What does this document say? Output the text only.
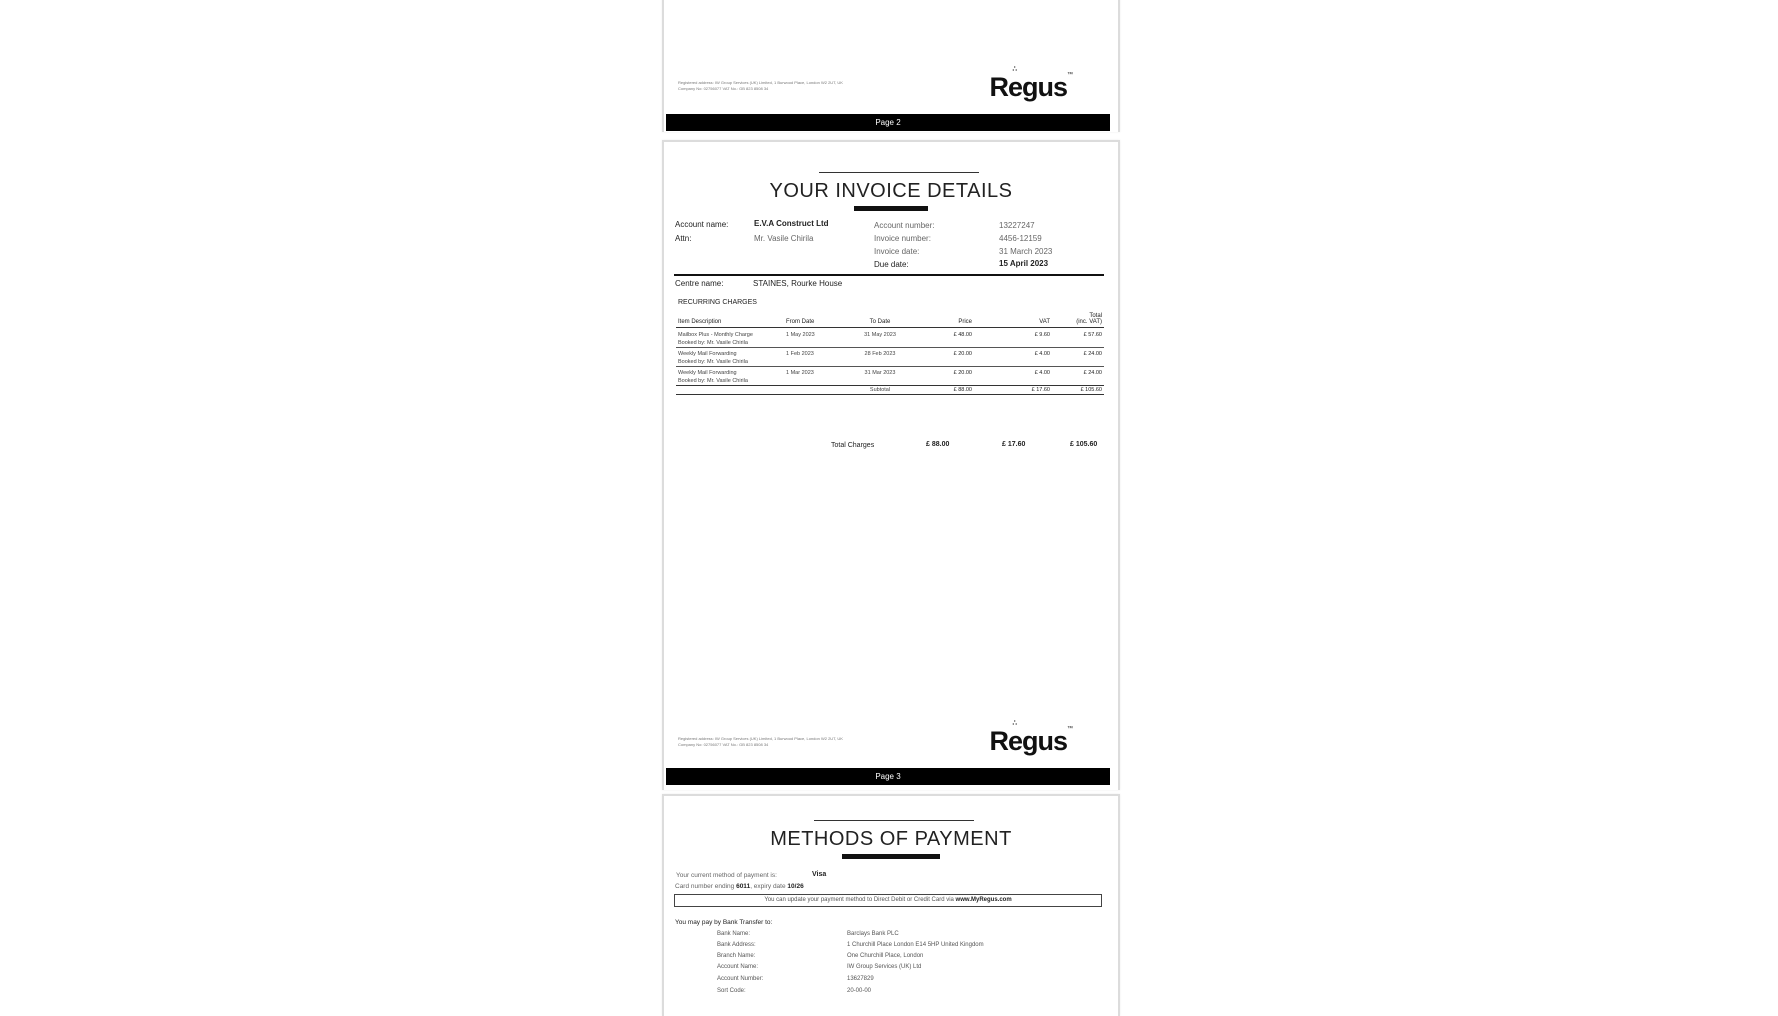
Registered address: IW Group Services (UK) Limited, 1 Burwood Place, London W2 2UT, UK
Company No: 02756077 VAT No.: GB 823 8508 34
∴
Regus™
Page 2
YOUR INVOICE DETAILS
Account name:	E.V.A Construct Ltd
Attn:	Mr. Vasile Chirila
Account number:	13227247
Invoice number:	4456-12159
Invoice date:	31 March 2023
Due date:	15 April 2023
Centre name:	STAINES, Rourke House
RECURRING CHARGES
Item Description	From Date	To Date	Price	VAT	Total
(inc. VAT)

Mailbox Plus - Monthly Charge	1 May 2023	31 May 2023	£ 48.00	£ 9.60	£ 57.60
Booked by: Mr. Vasile Chirila					
Weekly Mail Forwarding	1 Feb 2023	28 Feb 2023	£ 20.00	£ 4.00	£ 24.00
Booked by: Mr. Vasile Chirila					
Weekly Mail Forwarding	1 Mar 2023	31 Mar 2023	£ 20.00	£ 4.00	£ 24.00
Booked by: Mr. Vasile Chirila					
		Subtotal	£ 88.00	£ 17.60	£ 105.60
Total Charges	£ 88.00	£ 17.60	£ 105.60
Registered address: IW Group Services (UK) Limited, 1 Burwood Place, London W2 2UT, UK
Company No: 02756077 VAT No.: GB 823 8508 34
∴
Regus™
Page 3
METHODS OF PAYMENT
Your current method of payment is:	Visa
Card number ending 6011, expiry date 10/26
You can update your payment method to Direct Debit or Credit Card via www.MyRegus.com
You may pay by Bank Transfer to:
Bank Name:	Barclays Bank PLC
Bank Address:	1 Churchill Place London E14 5HP United Kingdom
Branch Name:	One Churchill Place, London
Account Name:	IW Group Services (UK) Ltd
Account Number:	13627829
Sort Code:	20-00-00
